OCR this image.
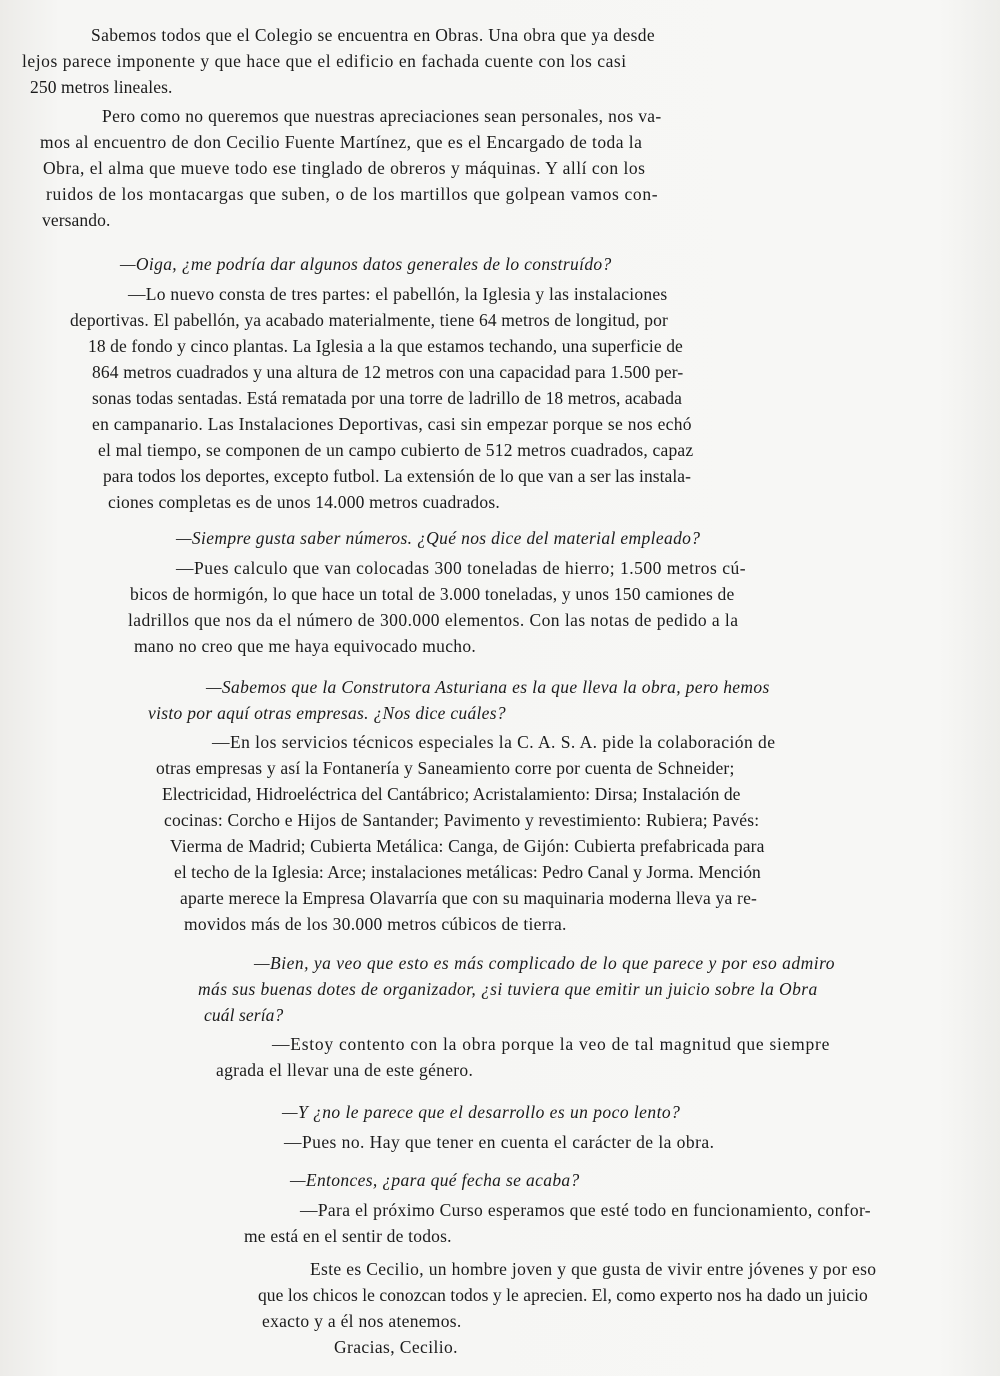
Sabemos todos que el Colegio se encuentra en Obras. Una obra que ya desde
lejos parece imponente y que hace que el edificio en fachada cuente con los casi
250 metros lineales.
Pero como no queremos que nuestras apreciaciones sean personales, nos va-
mos al encuentro de don Cecilio Fuente Martínez, que es el Encargado de toda la
Obra, el alma que mueve todo ese tinglado de obreros y máquinas. Y allí con los
ruidos de los montacargas que suben, o de los martillos que golpean vamos con-
versando.
—Oiga, ¿me podría dar algunos datos generales de lo construído?
—Lo nuevo consta de tres partes: el pabellón, la Iglesia y las instalaciones
deportivas. El pabellón, ya acabado materialmente, tiene 64 metros de longitud, por
18 de fondo y cinco plantas. La Iglesia a la que estamos techando, una superficie de
864 metros cuadrados y una altura de 12 metros con una capacidad para 1.500 per-
sonas todas sentadas. Está rematada por una torre de ladrillo de 18 metros, acabada
en campanario. Las Instalaciones Deportivas, casi sin empezar porque se nos echó
el mal tiempo, se componen de un campo cubierto de 512 metros cuadrados, capaz
para todos los deportes, excepto futbol. La extensión de lo que van a ser las instala-
ciones completas es de unos 14.000 metros cuadrados.
—Siempre gusta saber números. ¿Qué nos dice del material empleado?
—Pues calculo que van colocadas 300 toneladas de hierro; 1.500 metros cú-
bicos de hormigón, lo que hace un total de 3.000 toneladas, y unos 150 camiones de
ladrillos que nos da el número de 300.000 elementos. Con las notas de pedido a la
mano no creo que me haya equivocado mucho.
—Sabemos que la Construtora Asturiana es la que lleva la obra, pero hemos
visto por aquí otras empresas. ¿Nos dice cuáles?
—En los servicios técnicos especiales la C. A. S. A. pide la colaboración de
otras empresas y así la Fontanería y Saneamiento corre por cuenta de Schneider;
Electricidad, Hidroeléctrica del Cantábrico; Acristalamiento: Dirsa; Instalación de
cocinas: Corcho e Hijos de Santander; Pavimento y revestimiento: Rubiera; Pavés:
Vierma de Madrid; Cubierta Metálica: Canga, de Gijón: Cubierta prefabricada para
el techo de la Iglesia: Arce; instalaciones metálicas: Pedro Canal y Jorma. Mención
aparte merece la Empresa Olavarría que con su maquinaria moderna lleva ya re-
movidos más de los 30.000 metros cúbicos de tierra.
—Bien, ya veo que esto es más complicado de lo que parece y por eso admiro
más sus buenas dotes de organizador, ¿si tuviera que emitir un juicio sobre la Obra
cuál sería?
—Estoy contento con la obra porque la veo de tal magnitud que siempre
agrada el llevar una de este género.
—Y ¿no le parece que el desarrollo es un poco lento?
—Pues no. Hay que tener en cuenta el carácter de la obra.
—Entonces, ¿para qué fecha se acaba?
—Para el próximo Curso esperamos que esté todo en funcionamiento, confor-
me está en el sentir de todos.
Este es Cecilio, un hombre joven y que gusta de vivir entre jóvenes y por eso
que los chicos le conozcan todos y le aprecien. El, como experto nos ha dado un juicio
exacto y a él nos atenemos.
Gracias, Cecilio.
